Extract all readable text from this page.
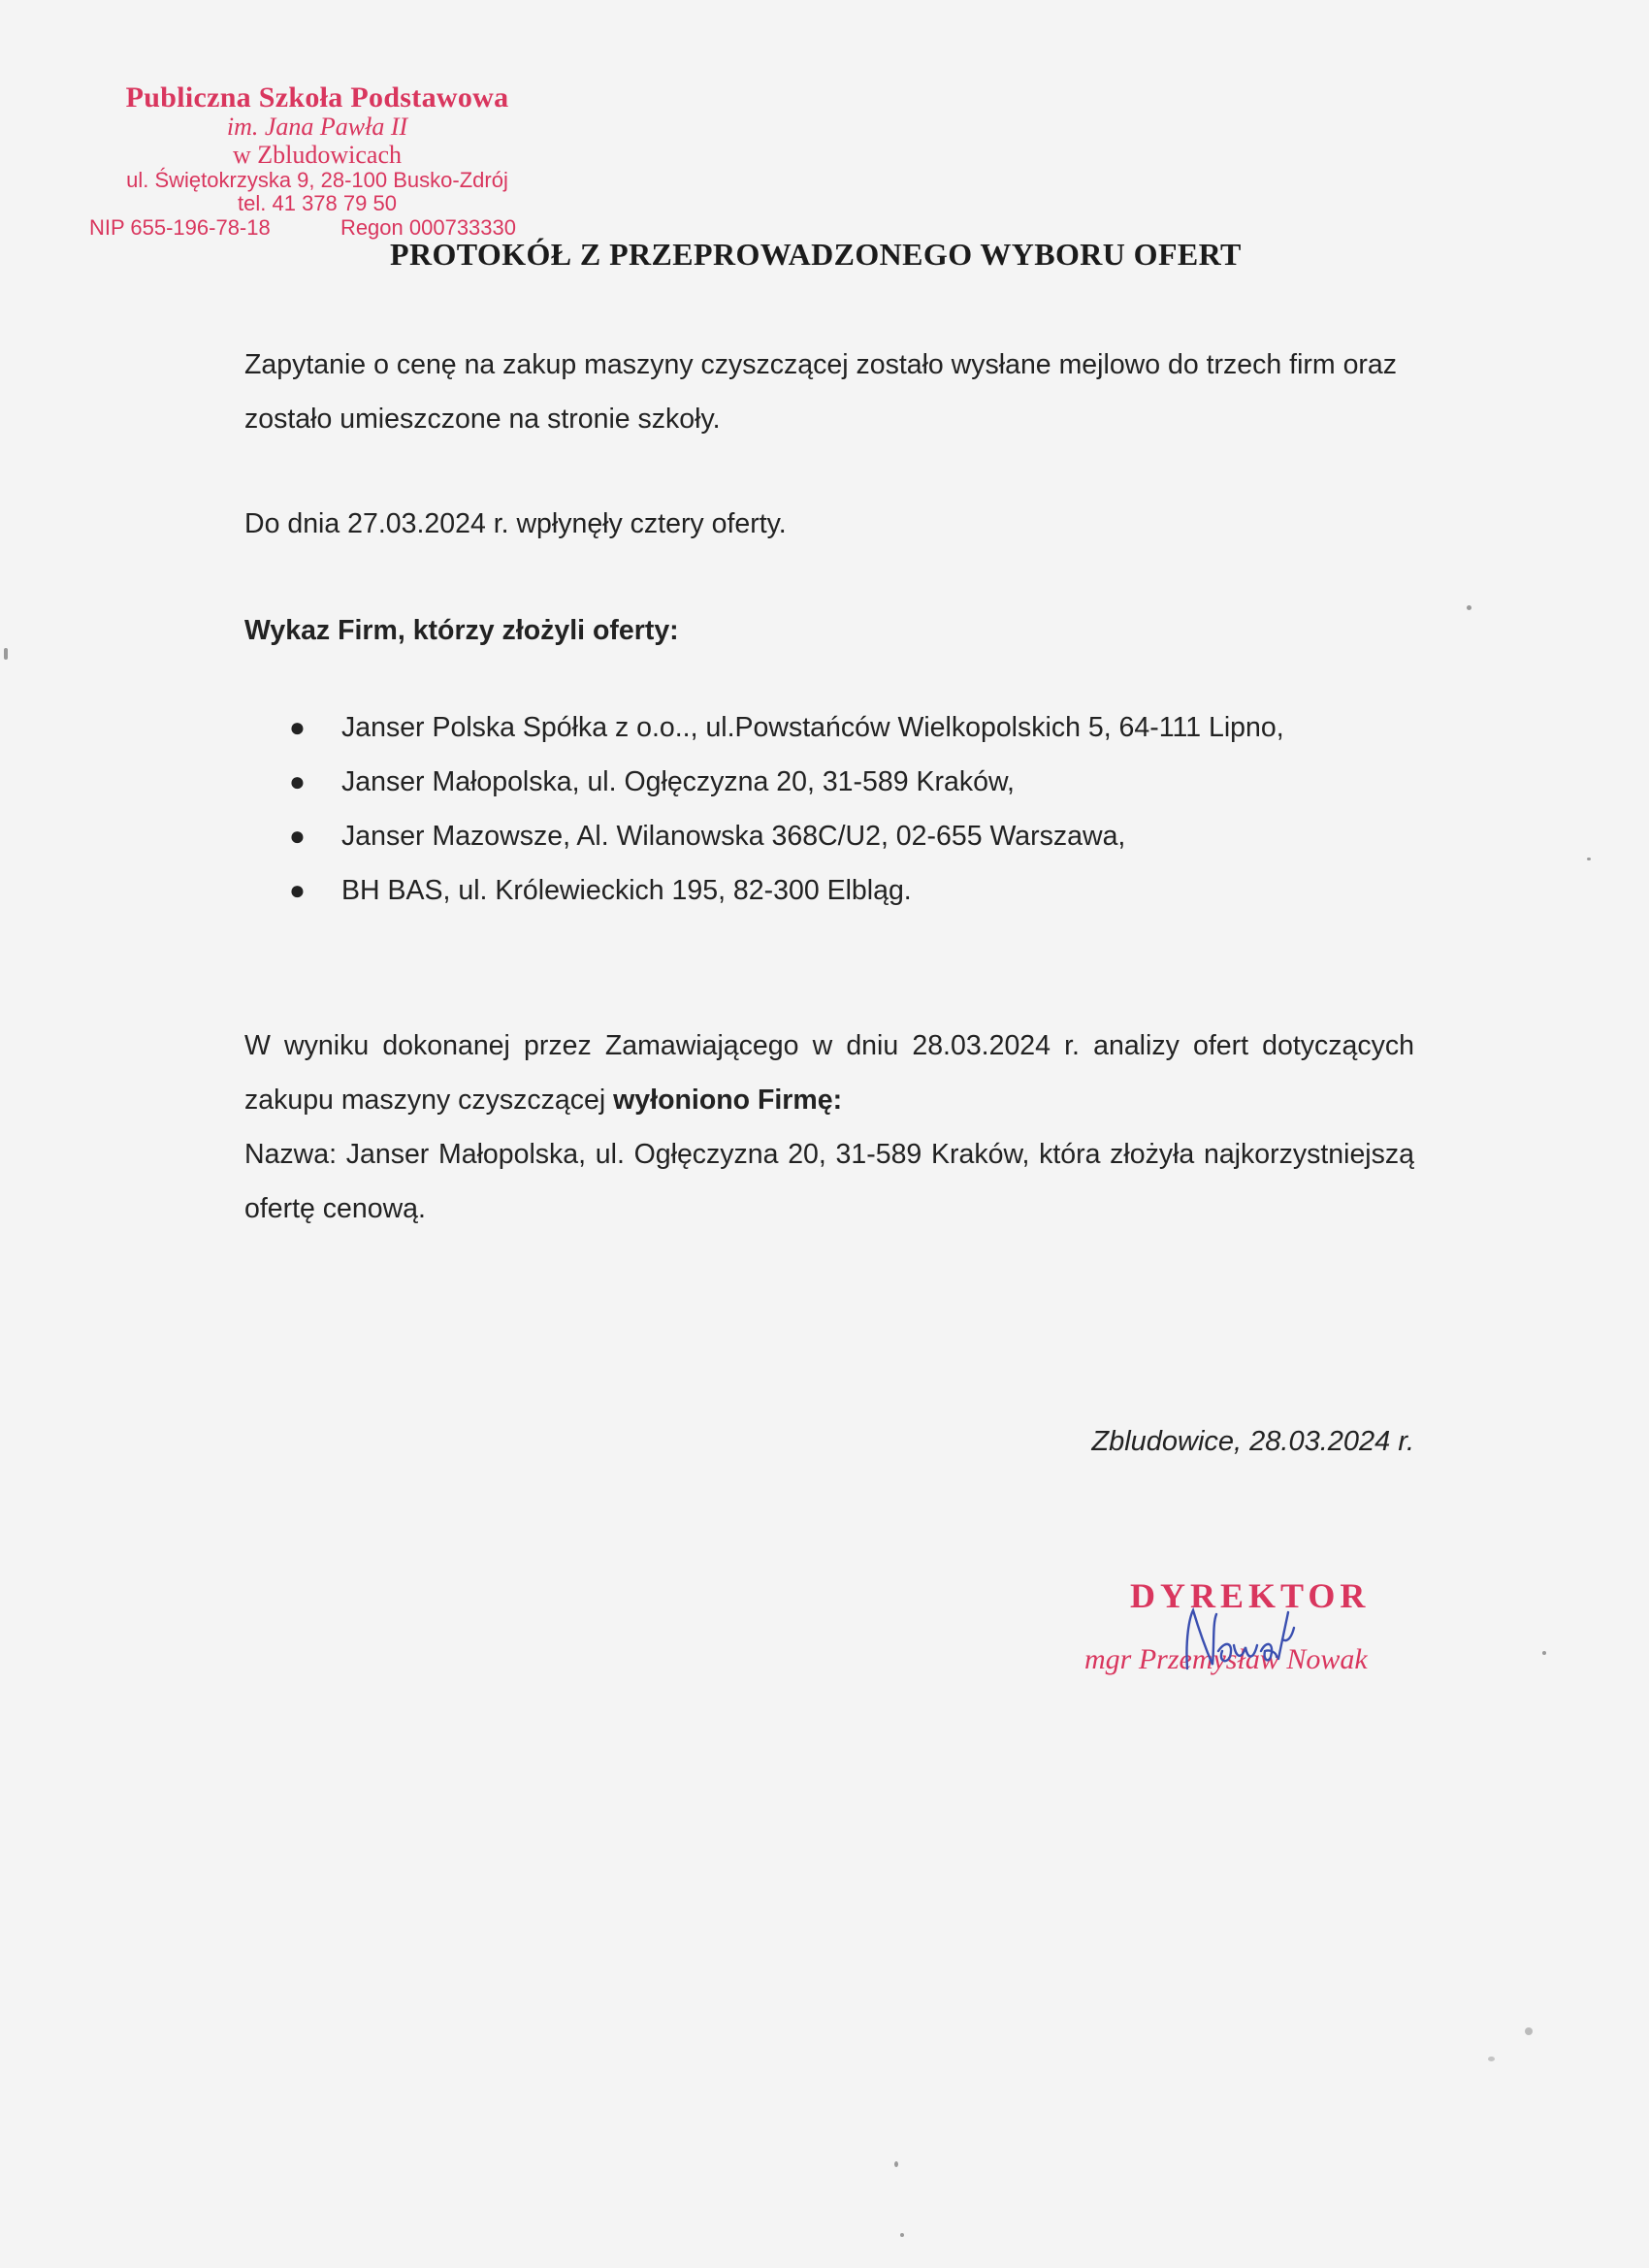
Publiczna Szkoła Podstawowa
im. Jana Pawła II
w Zbludowicach
ul. Świętokrzyska 9, 28-100 Busko-Zdrój
tel. 41 378 79 50
NIP 655-196-78-18	Regon 000733330
PROTOKÓŁ Z PRZEPROWADZONEGO WYBORU OFERT
Zapytanie o cenę na zakup maszyny czyszczącej zostało wysłane mejlowo do trzech firm oraz zostało umieszczone na stronie szkoły.
Do dnia 27.03.2024 r. wpłynęły cztery oferty.
Wykaz Firm, którzy złożyli oferty:
● Janser Polska Spółka z o.o.., ul.Powstańców Wielkopolskich 5, 64-111 Lipno,
● Janser Małopolska, ul. Ogłęczyzna 20, 31-589 Kraków,
● Janser Mazowsze, Al. Wilanowska 368C/U2, 02-655 Warszawa,
● BH BAS, ul. Królewieckich 195, 82-300 Elbląg.
W wyniku dokonanej przez Zamawiającego w dniu 28.03.2024 r. analizy ofert dotyczących zakupu maszyny czyszczącej wyłoniono Firmę:
Nazwa: Janser Małopolska, ul. Ogłęczyzna 20, 31-589 Kraków, która złożyła najkorzystniejszą ofertę cenową.
Zbludowice, 28.03.2024 r.
DYREKTOR
mgr Przemysław Nowak
